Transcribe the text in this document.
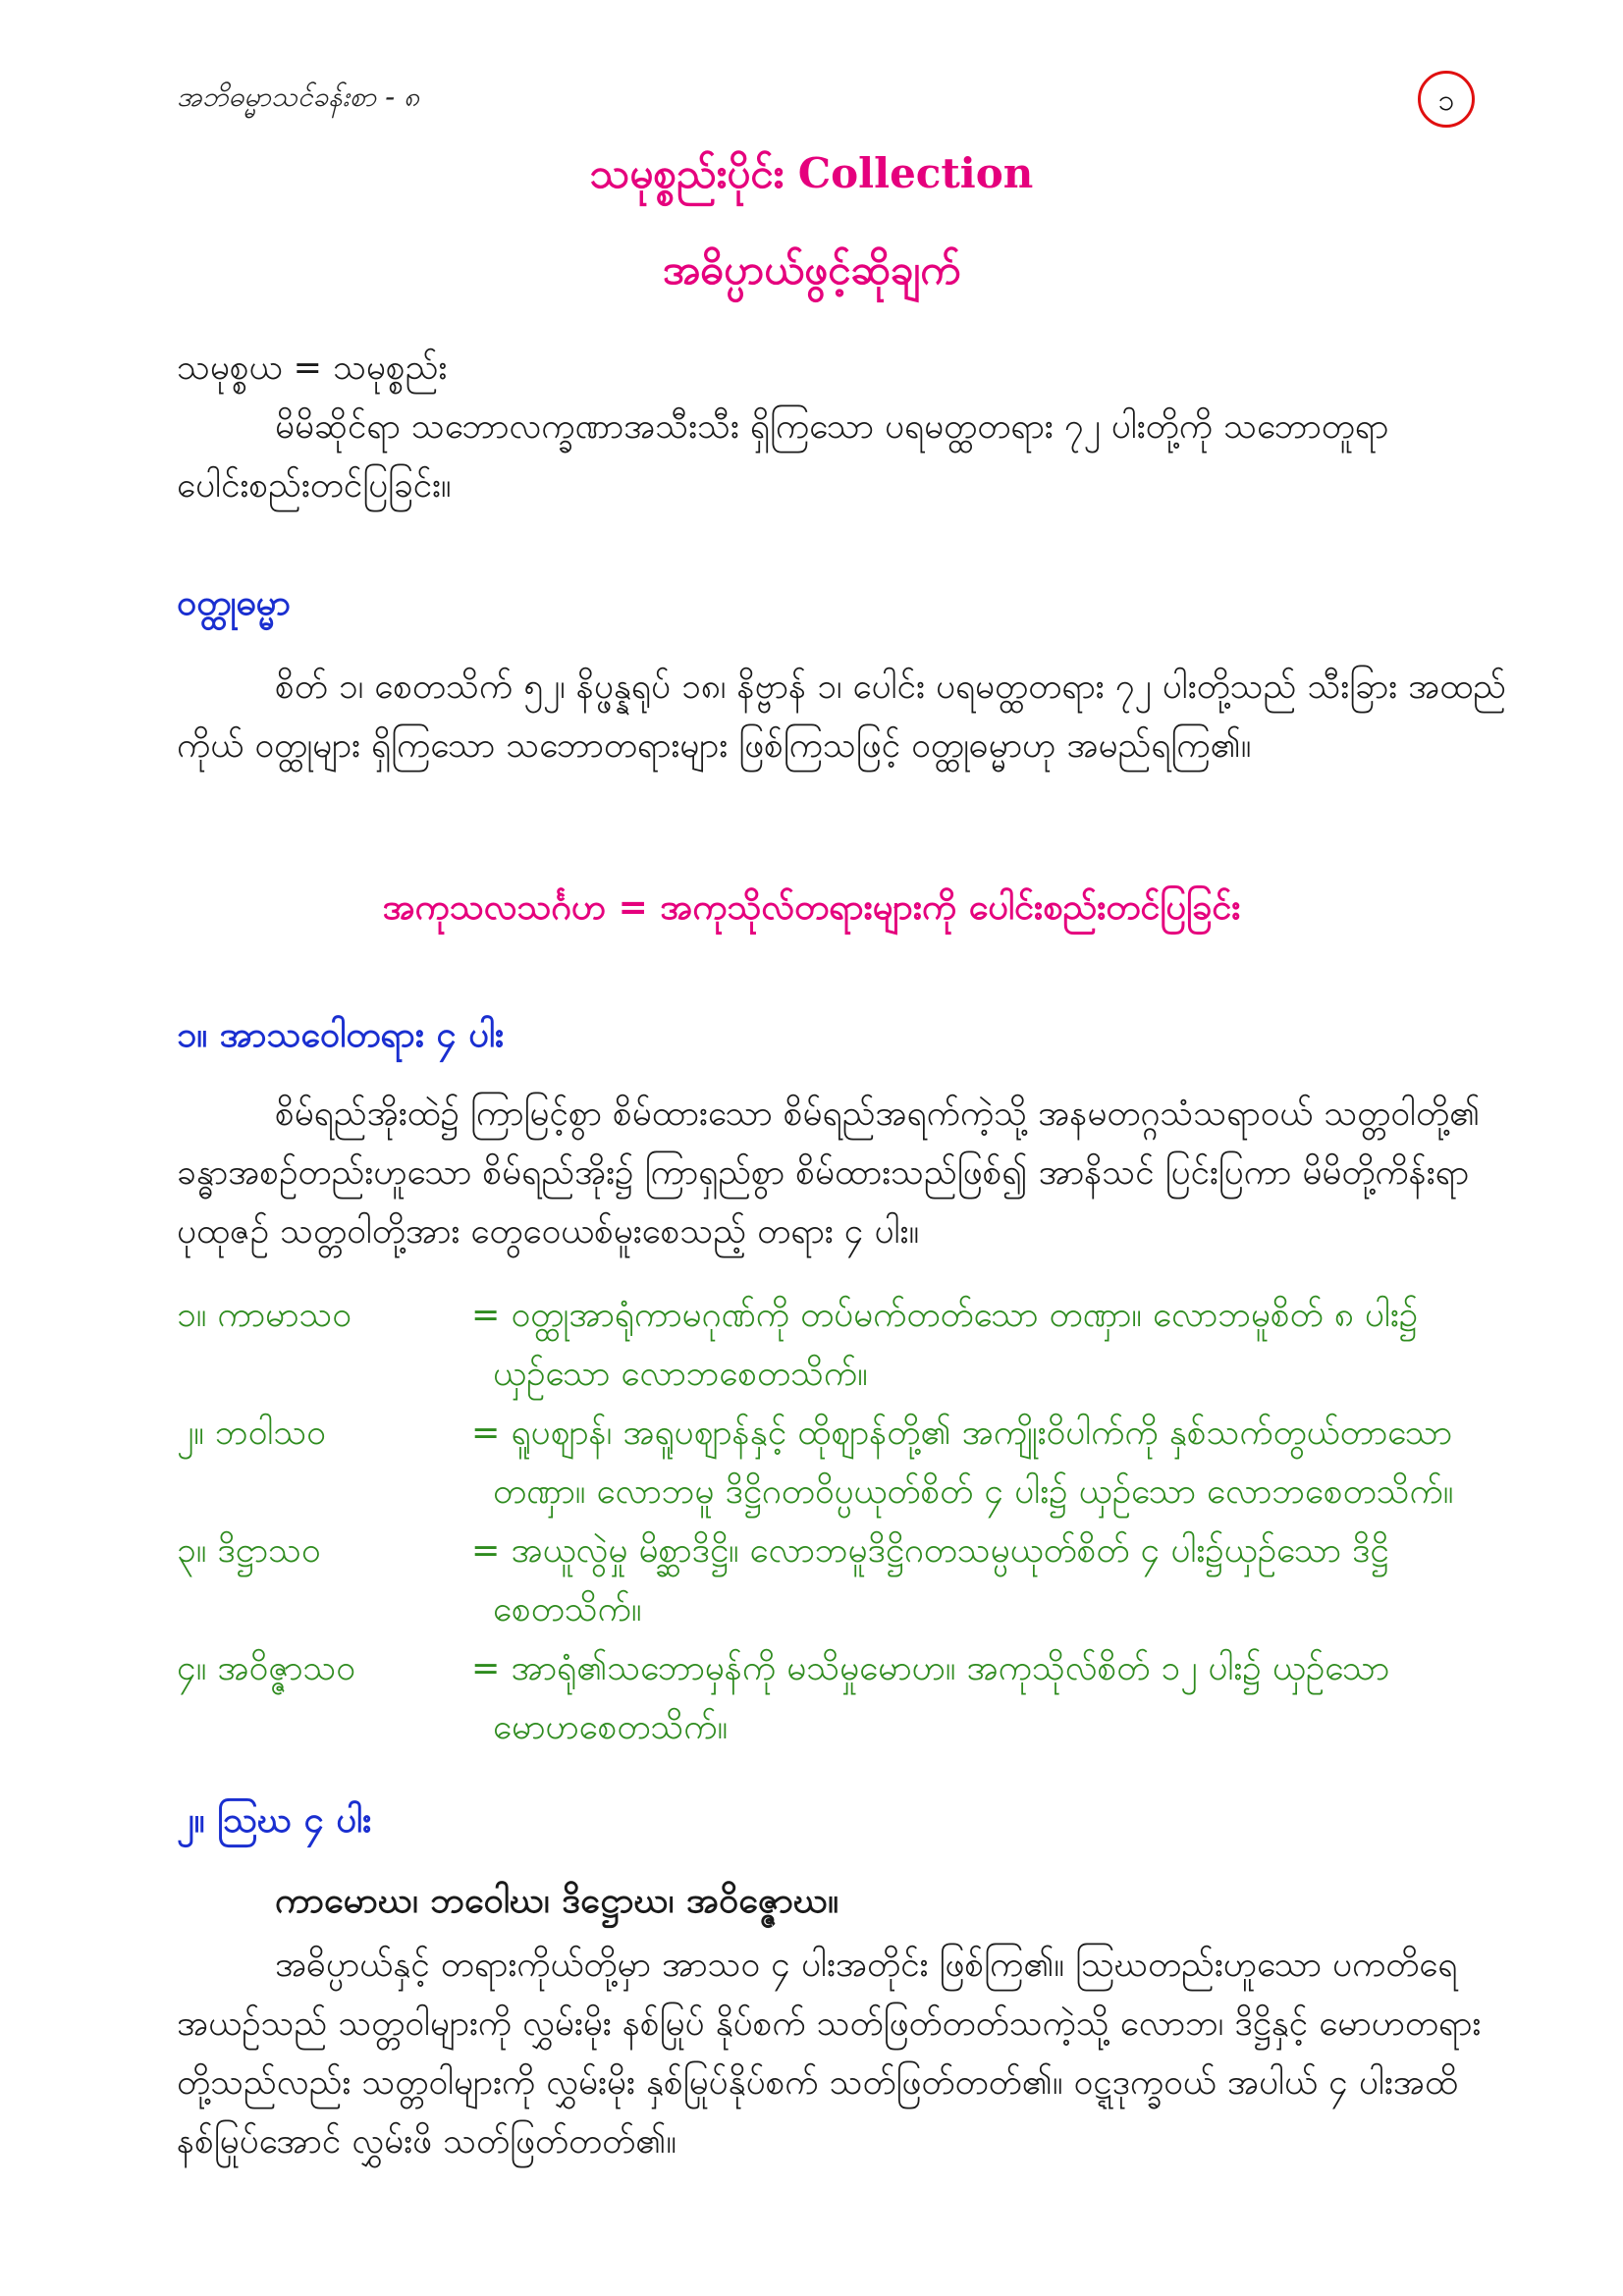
အဘိဓမ္မာသင်ခန်းစာ - ၈	၁
သမုစ္စည်းပိုင်း Collection
အဓိပ္ပာယ်ဖွင့်ဆိုချက်
သမုစ္စယ = သမုစ္စည်း
မိမိဆိုင်ရာ သဘောလက္ခဏာအသီးသီး ရှိကြသော ပရမတ္ထတရား ၇၂ ပါးတို့ကို သဘောတူရာ ပေါင်းစည်းတင်ပြခြင်း။
ဝတ္ထုဓမ္မာ
စိတ် ၁၊ စေတသိက် ၅၂၊ နိပ္ဖန္နရုပ် ၁၈၊ နိဗ္ဗာန် ၁၊ ပေါင်း ပရမတ္ထတရား ၇၂ ပါးတို့သည် သီးခြား အထည် ကိုယ် ဝတ္ထုများ ရှိကြသော သဘောတရားများ ဖြစ်ကြသဖြင့် ဝတ္ထုဓမ္မာဟု အမည်ရကြ၏။
အကုသလသင်္ဂဟ = အကုသိုလ်တရားများကို ပေါင်းစည်းတင်ပြခြင်း
၁။ အာသဝေါတရား ၄ ပါး
စိမ်ရည်အိုးထဲ၌ ကြာမြင့်စွာ စိမ်ထားသော စိမ်ရည်အရက်ကဲ့သို့ အနမတဂ္ဂသံသရာဝယ် သတ္တဝါတို့၏ ခန္ဓာအစဉ်တည်းဟူသော စိမ်ရည်အိုး၌ ကြာရှည်စွာ စိမ်ထားသည်ဖြစ်၍ အာနိသင် ပြင်းပြကာ မိမိတို့ကိန်းရာ ပုထုဇဉ် သတ္တဝါတို့အား တွေဝေယစ်မူးစေသည့် တရား ၄ ပါး။
၁။ ကာမာသဝ	= ဝတ္ထုအာရုံကာမဂုဏ်ကို တပ်မက်တတ်သော တဏှာ။ လောဘမူစိတ် ၈ ပါး၌
ယှဉ်သော လောဘစေတသိက်။
၂။ ဘဝါသဝ	= ရူပဈာန်၊ အရူပဈာန်နှင့် ထိုဈာန်တို့၏ အကျိုးဝိပါက်ကို နှစ်သက်တွယ်တာသော
တဏှာ။ လောဘမူ ဒိဋ္ဌိဂတဝိပ္ပယုတ်စိတ် ၄ ပါး၌ ယှဉ်သော လောဘစေတသိက်။
၃။ ဒိဋ္ဌာသဝ	= အယူလွဲမှု မိစ္ဆာဒိဋ္ဌိ။ လောဘမူဒိဋ္ဌိဂတသမ္ပယုတ်စိတ် ၄ ပါး၌ယှဉ်သော ဒိဋ္ဌိ
စေတသိက်။
၄။ အဝိဇ္ဇာသဝ	= အာရုံ၏သဘောမှန်ကို မသိမှုမောဟ။ အကုသိုလ်စိတ် ၁၂ ပါး၌ ယှဉ်သော
မောဟစေတသိက်။
၂။ ဩဃ ၄ ပါး
ကာမောဃ၊ ဘဝေါဃ၊ ဒိဋ္ဌောဃ၊ အဝိဇ္ဇောဃ။
အဓိပ္ပာယ်နှင့် တရားကိုယ်တို့မှာ အာသဝ ၄ ပါးအတိုင်း ဖြစ်ကြ၏။ ဩဃတည်းဟူသော ပကတိရေအယဉ်သည် သတ္တဝါများကို လွှမ်းမိုး နစ်မြုပ် နိုပ်စက် သတ်ဖြတ်တတ်သကဲ့သို့ လောဘ၊ ဒိဋ္ဌိနှင့် မောဟတရားတို့သည်လည်း သတ္တဝါများကို လွှမ်းမိုး နှစ်မြုပ်နိုပ်စက် သတ်ဖြတ်တတ်၏။ ဝဋ္ဋဒုက္ခဝယ် အပါယ် ၄ ပါးအထိ နစ်မြုပ်အောင် လွှမ်းဖိ သတ်ဖြတ်တတ်၏။
